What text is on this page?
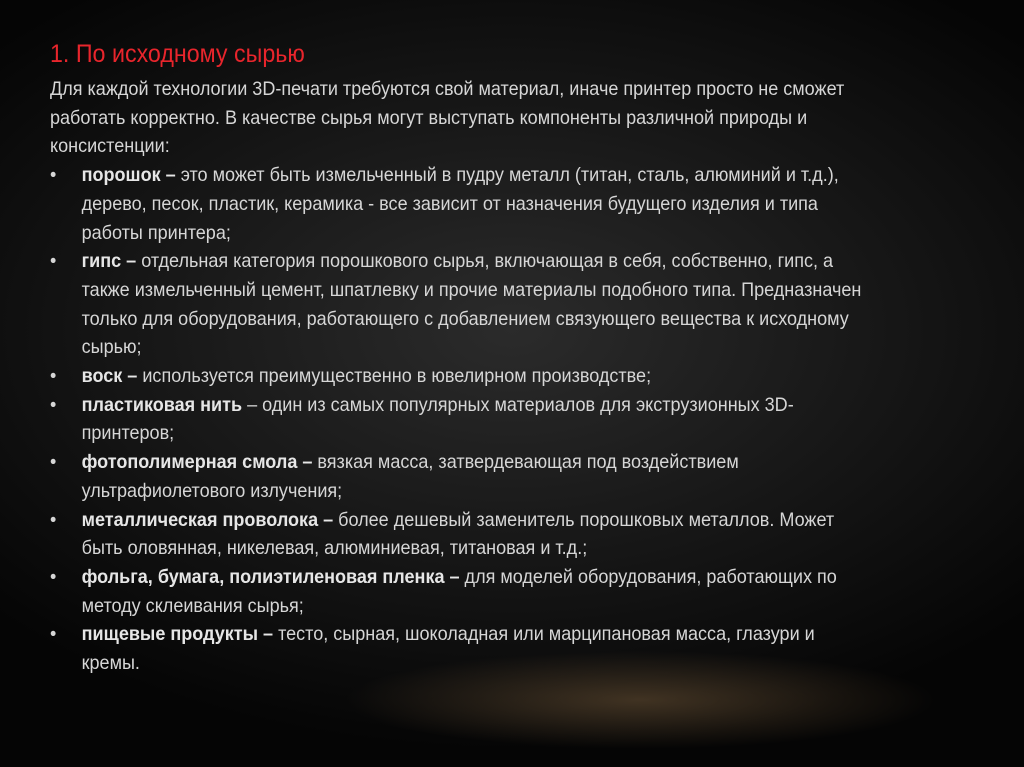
1. По исходному сырью

Для каждой технологии 3D-печати требуются свой материал, иначе принтер просто не сможет работать корректно. В качестве сырья могут выступать компоненты различной природы и консистенции:

• порошок – это может быть измельченный в пудру металл (титан, сталь, алюминий и т.д.), дерево, песок, пластик, керамика - все зависит от назначения будущего изделия и типа работы принтера;
• гипс – отдельная категория порошкового сырья, включающая в себя, собственно, гипс, а также измельченный цемент, шпатлевку и прочие материалы подобного типа. Предназначен только для оборудования, работающего с добавлением связующего вещества к исходному сырью;
• воск – используется преимущественно в ювелирном производстве;
• пластиковая нить – один из самых популярных материалов для экструзионных 3D-принтеров;
• фотополимерная смола – вязкая масса, затвердевающая под воздействием ультрафиолетового излучения;
• металлическая проволока – более дешевый заменитель порошковых металлов. Может быть оловянная, никелевая, алюминиевая, титановая и т.д.;
• фольга, бумага, полиэтиленовая пленка – для моделей оборудования, работающих по методу склеивания сырья;
• пищевые продукты – тесто, сырная, шоколадная или марципановая масса, глазури и кремы.
